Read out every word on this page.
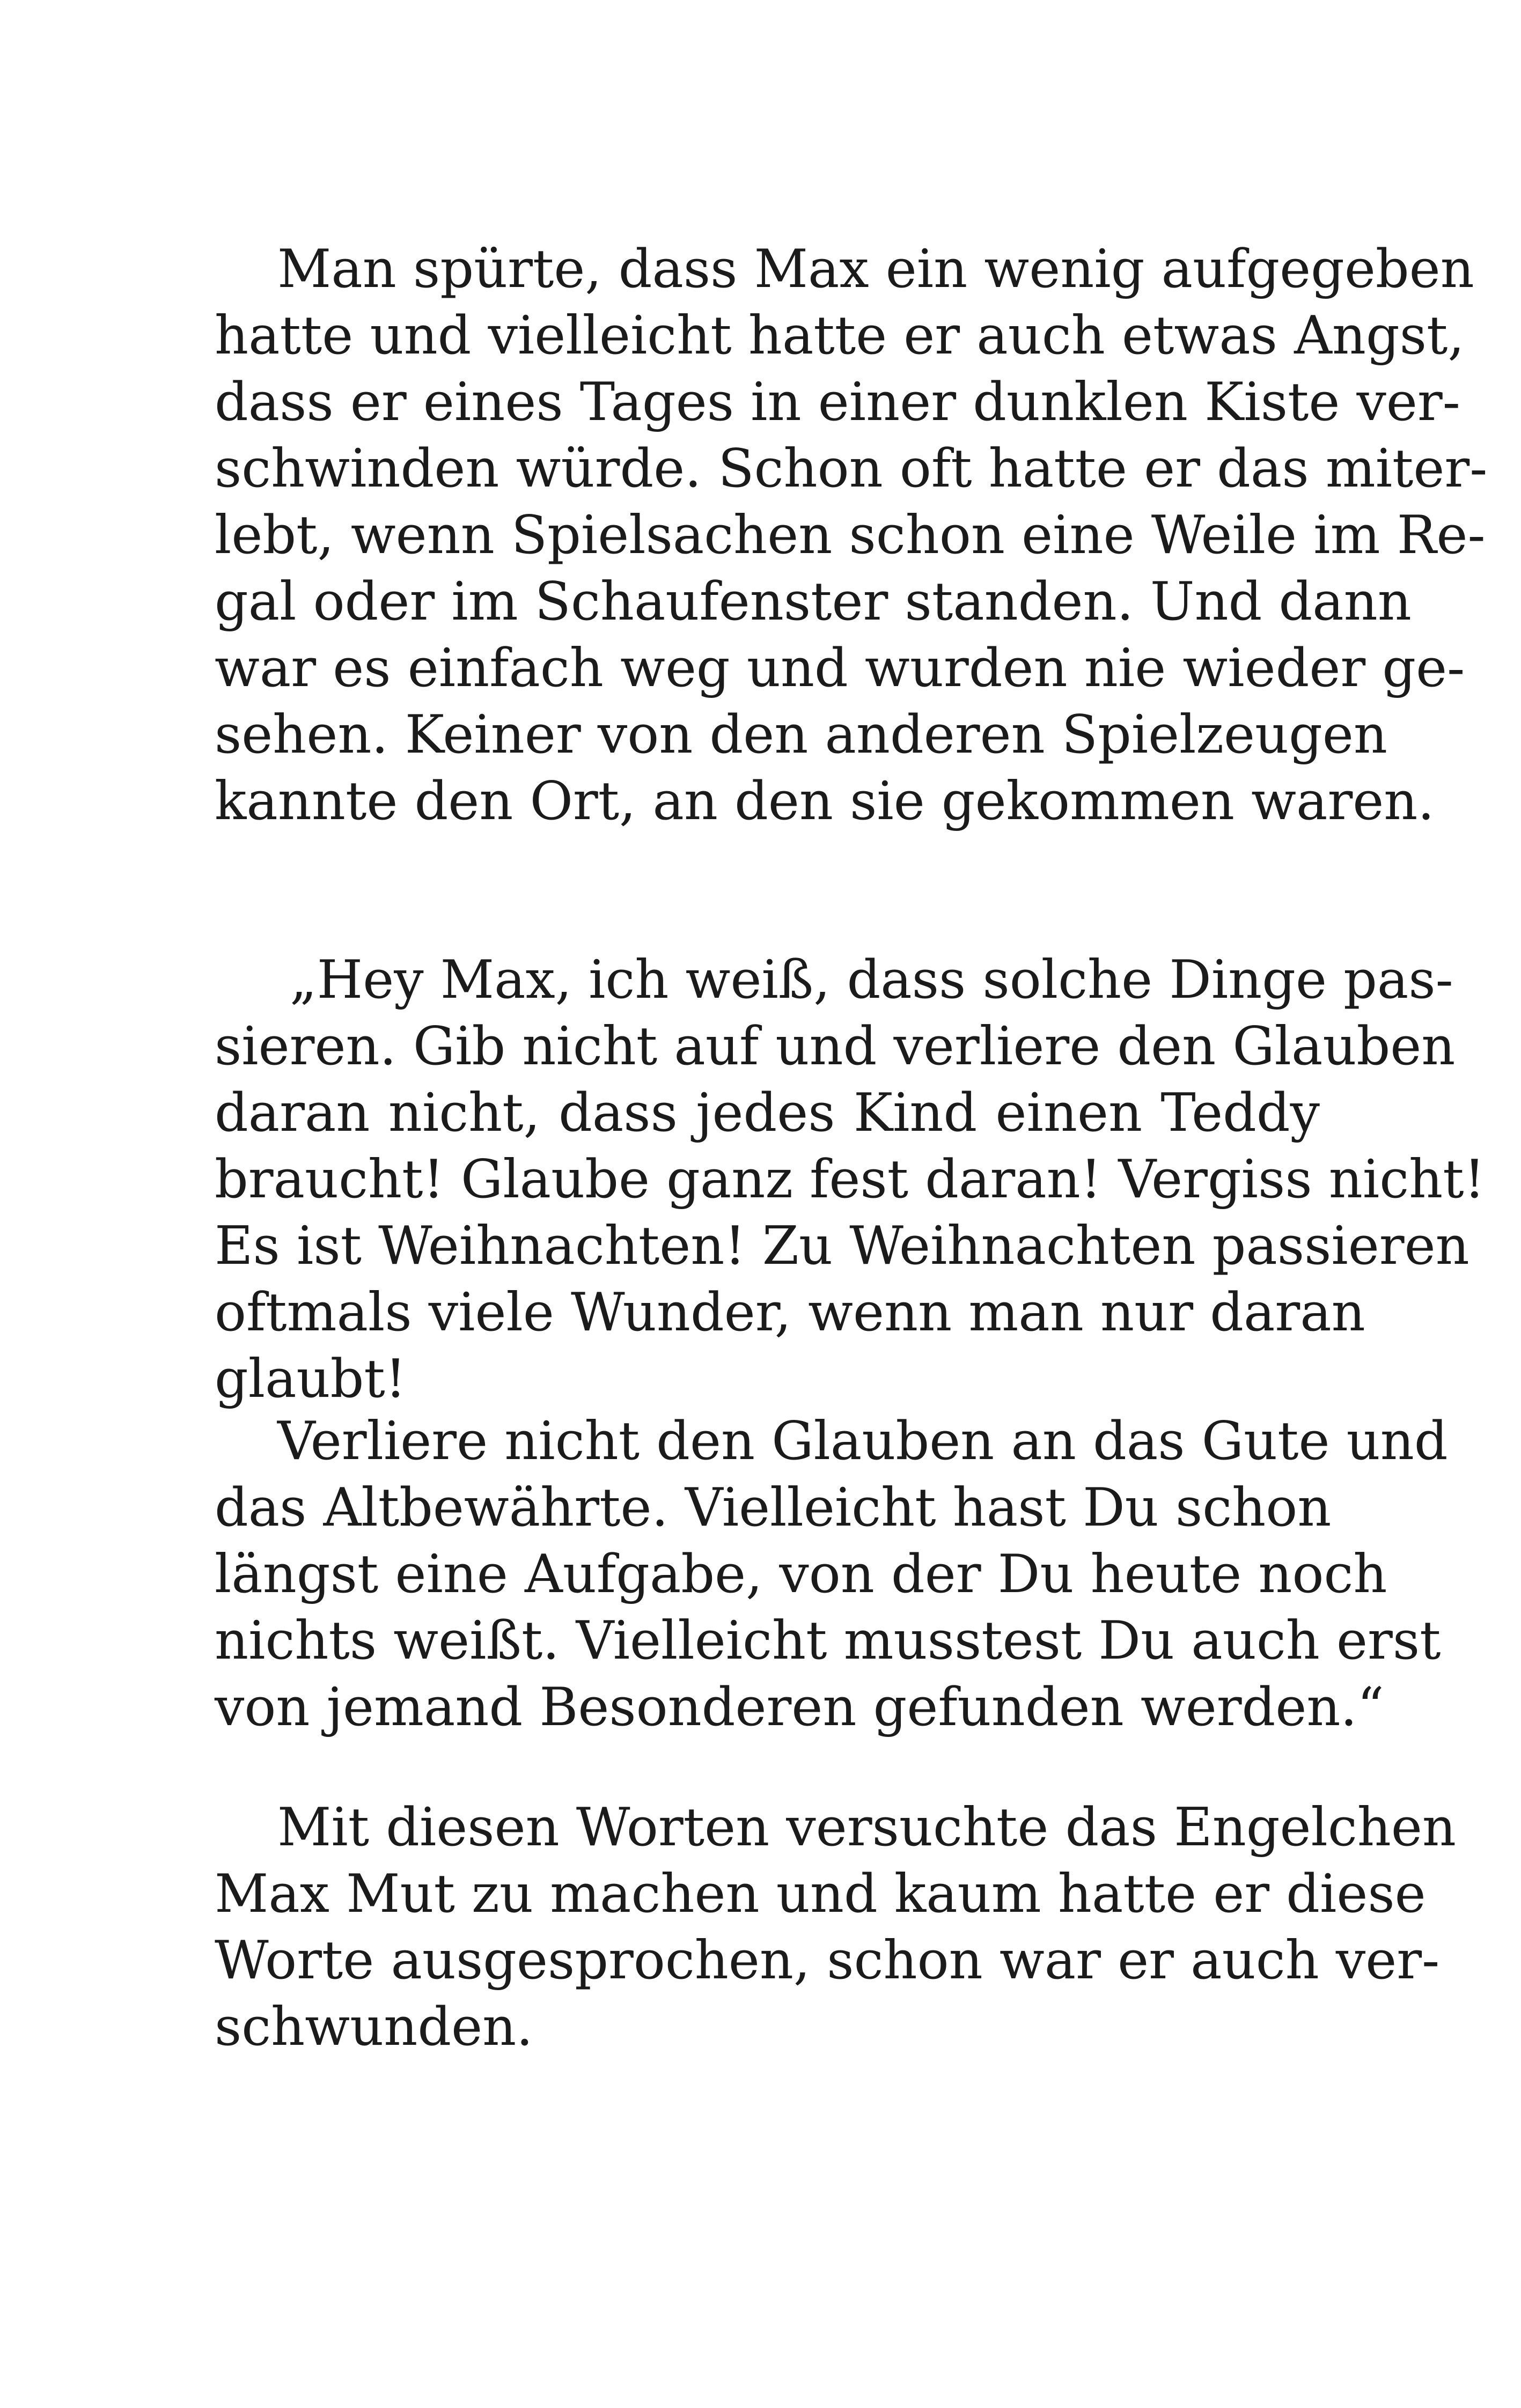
Man spürte, dass Max ein wenig aufgegeben
hatte und vielleicht hatte er auch etwas Angst,
dass er eines Tages in einer dunklen Kiste ver-
schwinden würde. Schon oft hatte er das miter-
lebt, wenn Spielsachen schon eine Weile im Re-
gal oder im Schaufenster standen. Und dann
war es einfach weg und wurden nie wieder ge-
sehen. Keiner von den anderen Spielzeugen
kannte den Ort, an den sie gekommen waren.
„Hey Max, ich weiß, dass solche Dinge pas-
sieren. Gib nicht auf und verliere den Glauben
daran nicht, dass jedes Kind einen Teddy
braucht! Glaube ganz fest daran! Vergiss nicht!
Es ist Weihnachten! Zu Weihnachten passieren
oftmals viele Wunder, wenn man nur daran
glaubt!
Verliere nicht den Glauben an das Gute und
das Altbewährte. Vielleicht hast Du schon
längst eine Aufgabe, von der Du heute noch
nichts weißt. Vielleicht musstest Du auch erst
von jemand Besonderen gefunden werden.“
Mit diesen Worten versuchte das Engelchen
Max Mut zu machen und kaum hatte er diese
Worte ausgesprochen, schon war er auch ver-
schwunden.
